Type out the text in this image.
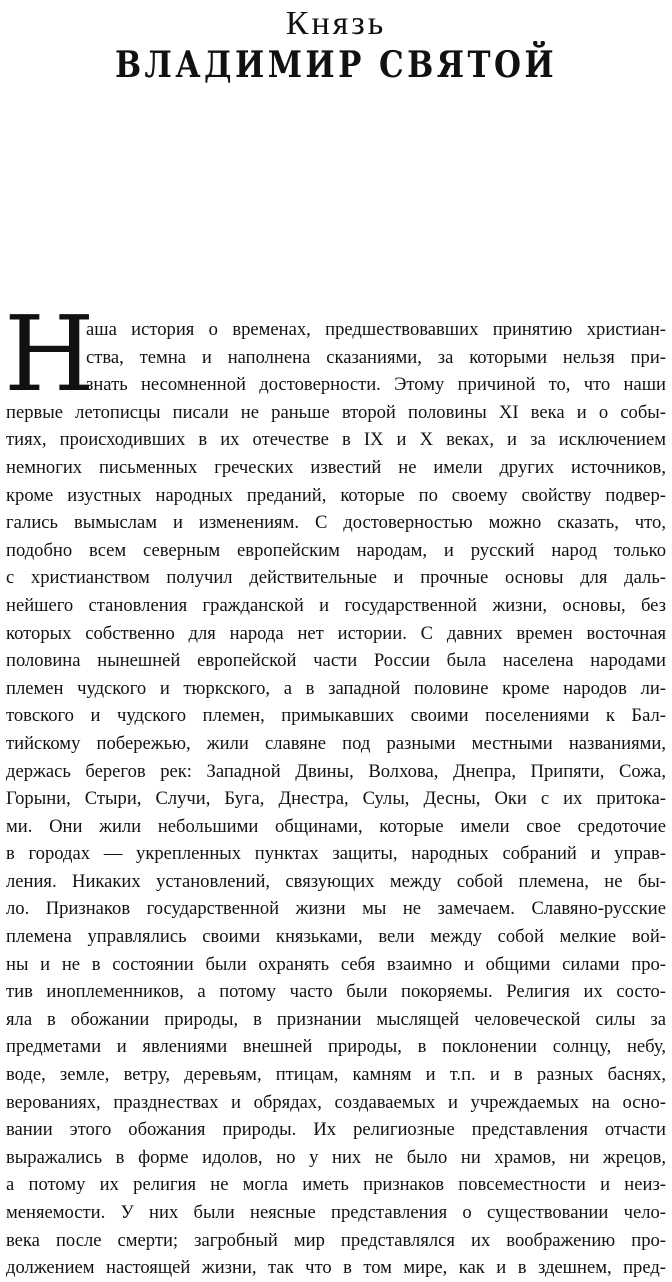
Князь
ВЛАДИМИР СВЯТОЙ
Н
аша история о временах, предшествовавших принятию христиан-
ства, темна и наполнена сказаниями, за которыми нельзя при-
знать несомненной достоверности. Этому причиной то, что наши
первые летописцы писали не раньше второй половины XI века и о собы-
тиях, происходивших в их отечестве в IX и X веках, и за исключением
немногих письменных греческих известий не имели других источников,
кроме изустных народных преданий, которые по своему свойству подвер-
гались вымыслам и изменениям. С достоверностью можно сказать, что,
подобно всем северным европейским народам, и русский народ только
с христианством получил действительные и прочные основы для даль-
нейшего становления гражданской и государственной жизни, основы, без
которых собственно для народа нет истории. С давних времен восточная
половина нынешней европейской части России была населена народами
племен чудского и тюркского, а в западной половине кроме народов ли-
товского и чудского племен, примыкавших своими поселениями к Бал-
тийскому побережью, жили славяне под разными местными названиями,
держась берегов рек: Западной Двины, Волхова, Днепра, Припяти, Сожа,
Горыни, Стыри, Случи, Буга, Днестра, Сулы, Десны, Оки с их притока-
ми. Они жили небольшими общинами, которые имели свое средоточие
в городах — укрепленных пунктах защиты, народных собраний и управ-
ления. Никаких установлений, связующих между собой племена, не бы-
ло. Признаков государственной жизни мы не замечаем. Славяно-русские
племена управлялись своими князьками, вели между собой мелкие вой-
ны и не в состоянии были охранять себя взаимно и общими силами про-
тив иноплеменников, а потому часто были покоряемы. Религия их состо-
яла в обожании природы, в признании мыслящей человеческой силы за
предметами и явлениями внешней природы, в поклонении солнцу, небу,
воде, земле, ветру, деревьям, птицам, камням и т.п. и в разных баснях,
верованиях, празднествах и обрядах, создаваемых и учреждаемых на осно-
вании этого обожания природы. Их религиозные представления отчасти
выражались в форме идолов, но у них не было ни храмов, ни жрецов,
а потому их религия не могла иметь признаков повсеместности и неиз-
меняемости. У них были неясные представления о существовании чело-
века после смерти; загробный мир представлялся их воображению про-
должением настоящей жизни, так что в том мире, как и в здешнем, пред-
